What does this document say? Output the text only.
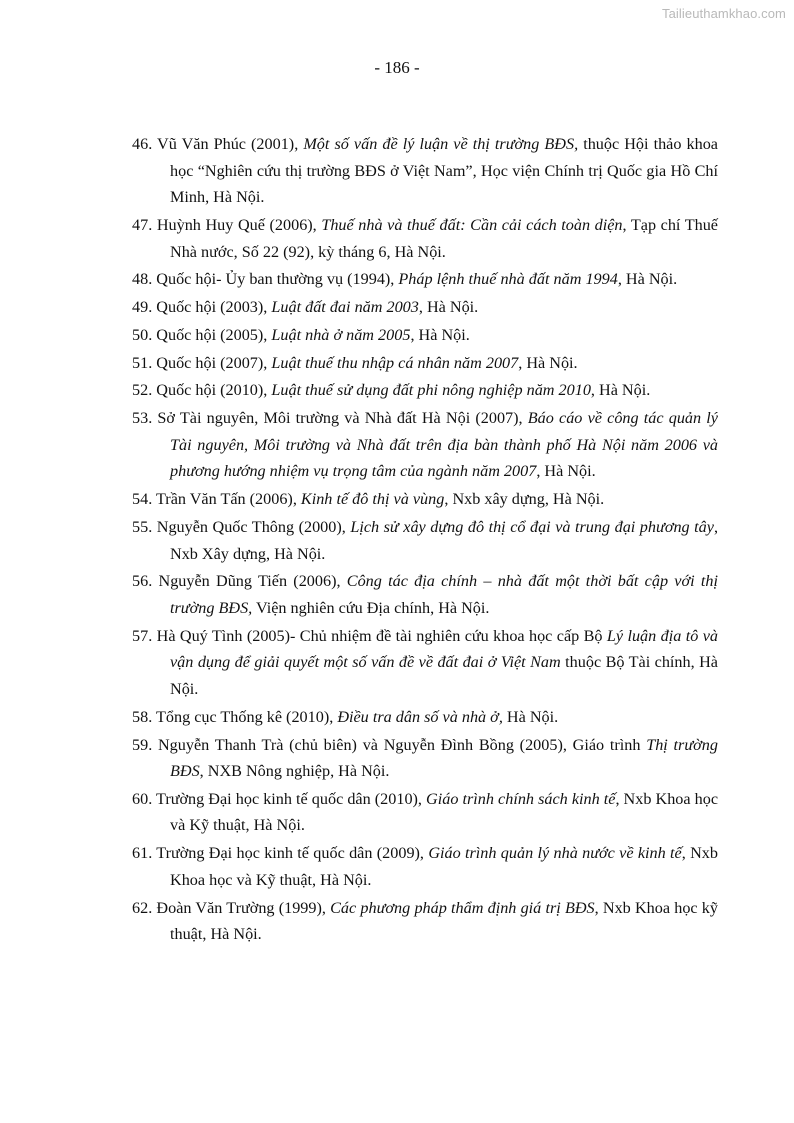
Tailieuthamkhao.com
- 186 -
46. Vũ Văn Phúc (2001), Một số vấn đề lý luận về thị trường BĐS, thuộc Hội thảo khoa học “Nghiên cứu thị trường BĐS ở Việt Nam”, Học viện Chính trị Quốc gia Hồ Chí Minh, Hà Nội.
47. Huỳnh Huy Quế (2006), Thuế nhà và thuế đất: Cần cải cách toàn diện, Tạp chí Thuế Nhà nước, Số 22 (92), kỳ tháng 6, Hà Nội.
48. Quốc hội- Ủy ban thường vụ (1994), Pháp lệnh thuế nhà đất năm 1994, Hà Nội.
49. Quốc hội (2003), Luật đất đai năm 2003, Hà Nội.
50. Quốc hội (2005), Luật nhà ở năm 2005, Hà Nội.
51. Quốc hội (2007), Luật thuế thu nhập cá nhân năm 2007, Hà Nội.
52. Quốc hội (2010), Luật thuế sử dụng đất phi nông nghiệp năm 2010, Hà Nội.
53. Sở Tài nguyên, Môi trường và Nhà đất Hà Nội (2007), Báo cáo về công tác quản lý Tài nguyên, Môi trường và Nhà đất trên địa bàn thành phố Hà Nội năm 2006 và phương hướng nhiệm vụ trọng tâm của ngành năm 2007, Hà Nội.
54. Trần Văn Tấn (2006), Kinh tế đô thị và vùng, Nxb xây dựng, Hà Nội.
55. Nguyễn Quốc Thông (2000), Lịch sử xây dựng đô thị cổ đại và trung đại phương tây, Nxb Xây dựng, Hà Nội.
56. Nguyễn Dũng Tiến (2006), Công tác địa chính – nhà đất một thời bất cập với thị trường BĐS, Viện nghiên cứu Địa chính, Hà Nội.
57. Hà Quý Tình (2005)- Chủ nhiệm đề tài nghiên cứu khoa học cấp Bộ Lý luận địa tô và vận dụng để giải quyết một số vấn đề về đất đai ở Việt Nam thuộc Bộ Tài chính, Hà Nội.
58. Tổng cục Thống kê (2010), Điều tra dân số và nhà ở, Hà Nội.
59. Nguyễn Thanh Trà (chủ biên) và Nguyễn Đình Bồng (2005), Giáo trình Thị trường BĐS, NXB Nông nghiệp, Hà Nội.
60. Trường Đại học kinh tế quốc dân (2010), Giáo trình chính sách kinh tế, Nxb Khoa học và Kỹ thuật, Hà Nội.
61. Trường Đại học kinh tế quốc dân (2009), Giáo trình quản lý nhà nước về kinh tế, Nxb Khoa học và Kỹ thuật, Hà Nội.
62. Đoàn Văn Trường (1999), Các phương pháp thẩm định giá trị BĐS, Nxb Khoa học kỹ thuật, Hà Nội.
